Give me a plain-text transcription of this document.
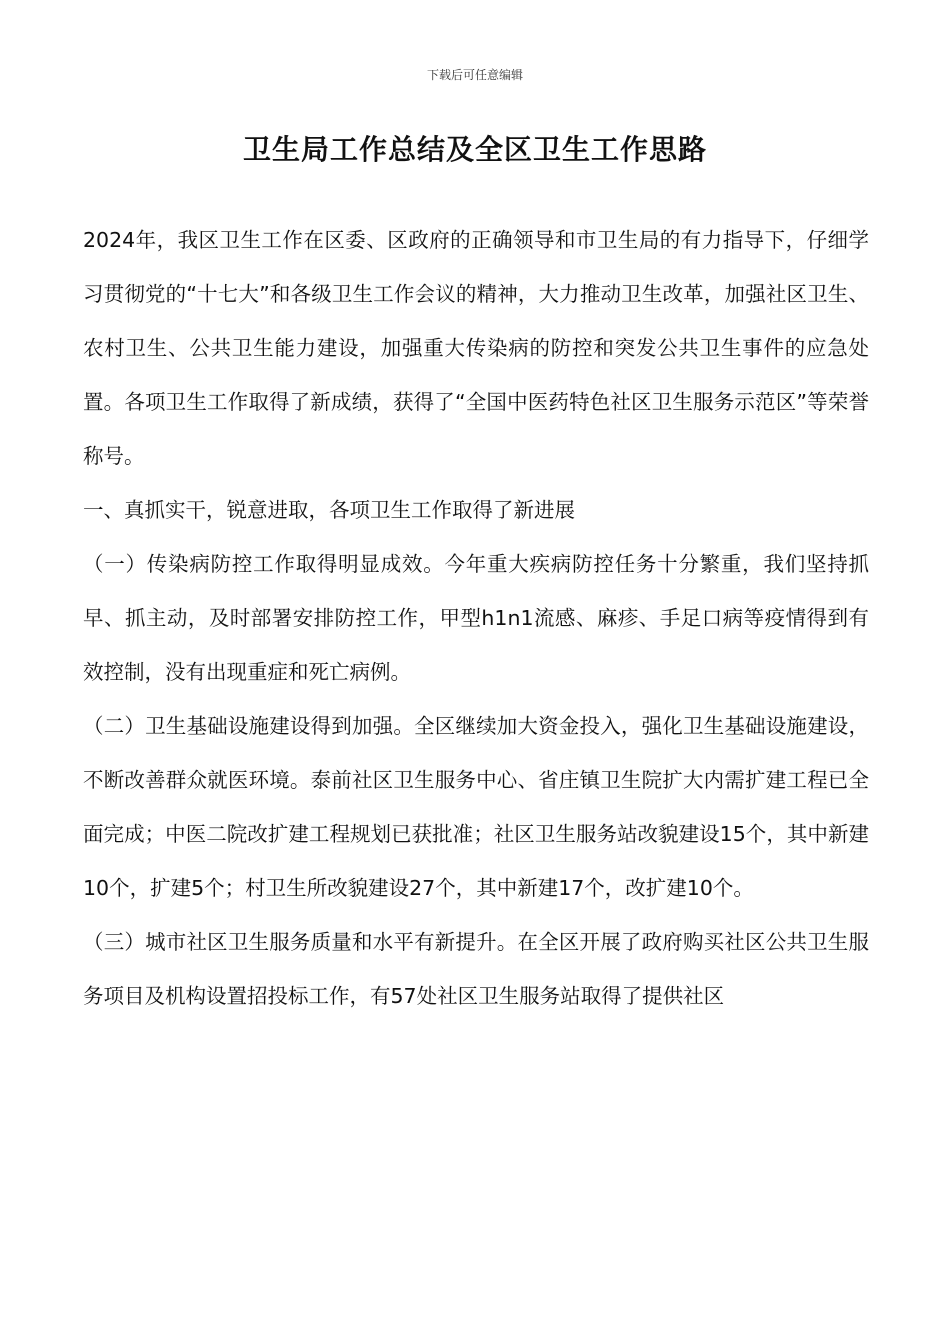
下载后可任意编辑
卫生局工作总结及全区卫生工作思路

2024年，我区卫生工作在区委、区政府的正确领导和市卫生局的有力指导下，仔细学习贯彻党的“十七大”和各级卫生工作会议的精神，大力推动卫生改革，加强社区卫生、农村卫生、公共卫生能力建设，加强重大传染病的防控和突发公共卫生事件的应急处置。各项卫生工作取得了新成绩，获得了“全国中医药特色社区卫生服务示范区”等荣誉称号。

一、真抓实干，锐意进取，各项卫生工作取得了新进展

（一）传染病防控工作取得明显成效。今年重大疾病防控任务十分繁重，我们坚持抓早、抓主动，及时部署安排防控工作，甲型h1n1流感、麻疹、手足口病等疫情得到有效控制，没有出现重症和死亡病例。

（二）卫生基础设施建设得到加强。全区继续加大资金投入，强化卫生基础设施建设，不断改善群众就医环境。泰前社区卫生服务中心、省庄镇卫生院扩大内需扩建工程已全面完成；中医二院改扩建工程规划已获批准；社区卫生服务站改貌建设15个，其中新建10个，扩建5个；村卫生所改貌建设27个，其中新建17个，改扩建10个。

（三）城市社区卫生服务质量和水平有新提升。在全区开展了政府购买社区公共卫生服务项目及机构设置招投标工作，有57处社区卫生服务站取得了提供社区
